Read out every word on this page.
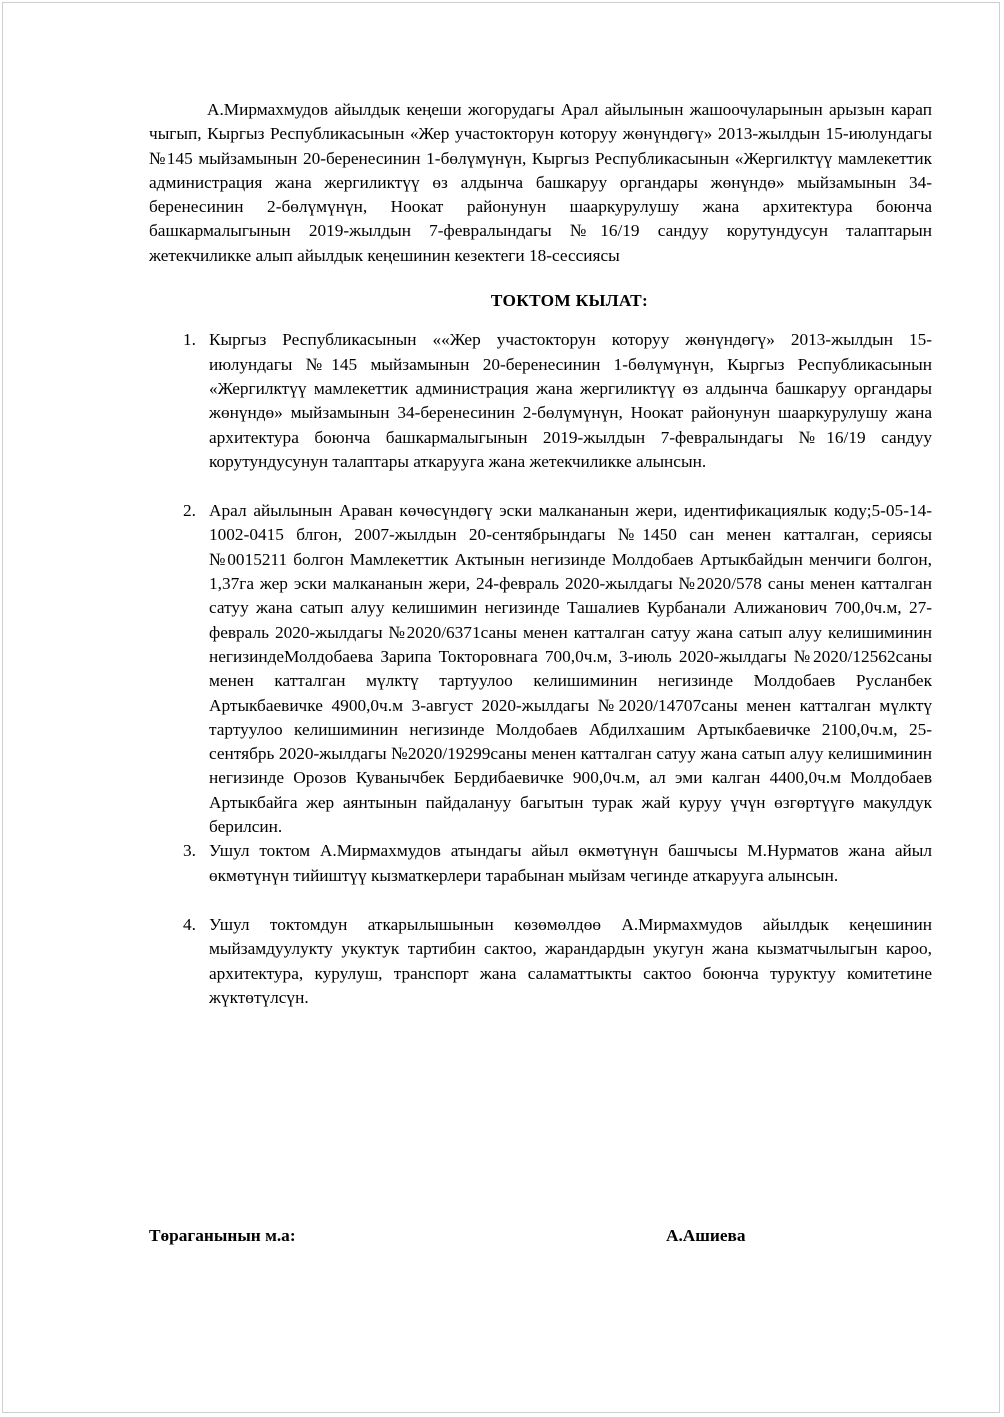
А.Мирмахмудов айылдык кеңеши жогорудагы Арал айылынын жашоочуларынын арызын карап чыгып, Кыргыз Республикасынын «Жер участокторун которуу жөнүндөгү» 2013-жылдын 15-июлундагы №145 мыйзамынын 20-беренесинин 1-бөлүмүнүн, Кыргыз Республикасынын «Жергилктүү мамлекеттик администрация жана жергиликтүү өз алдынча башкаруу органдары жөнүндө» мыйзамынын 34-беренесинин 2-бөлүмүнүн, Ноокат районунун шааркурулушу жана архитектура боюнча башкармалыгынын 2019-жылдын 7-февралындагы №16/19 сандуу корутундусун талаптарын жетекчиликке алып айылдык кеңешинин кезектеги 18-сессиясы

ТОКТОМ КЫЛАТ:

1. Кыргыз Республикасынын ««Жер участокторун которуу жөнүндөгү» 2013-жылдын 15-июлундагы №145 мыйзамынын 20-беренесинин 1-бөлүмүнүн, Кыргыз Республикасынын «Жергилктүү мамлекеттик администрация жана жергиликтүү өз алдынча башкаруу органдары жөнүндө» мыйзамынын 34-беренесинин 2-бөлүмүнүн, Ноокат районунун шааркурулушу жана архитектура боюнча башкармалыгынын 2019-жылдын 7-февралындагы №16/19 сандуу корутундусунун талаптары аткарууга жана жетекчиликке алынсын.
2. Арал айылынын Араван көчөсүндөгү эски малкананын жери, идентификациялык коду;5-05-14-1002-0415 блгон, 2007-жылдын 20-сентябрындагы №1450 сан менен катталган, сериясы №0015211 болгон Мамлекеттик Актынын негизинде Молдобаев Артыкбайдын менчиги болгон, 1,37га жер эски малкананын жери, 24-февраль 2020-жылдагы №2020/578 саны менен катталган сатуу жана сатып алуу келишимин негизинде Ташалиев Курбанали Алижанович 700,0ч.м, 27-февраль 2020-жылдагы №2020/6371саны менен катталган сатуу жана сатып алуу келишиминин негизиндеМолдобаева Зарипа Токторовнага 700,0ч.м, 3-июль 2020-жылдагы №2020/12562саны менен катталган мүлктү тартуулоо келишиминин негизинде Молдобаев Русланбек Артыкбаевичке 4900,0ч.м 3-август 2020-жылдагы №2020/14707саны менен катталган мүлктү тартуулоо келишиминин негизинде Молдобаев Абдилхашим Артыкбаевичке 2100,0ч.м, 25-сентябрь 2020-жылдагы №2020/19299саны менен катталган сатуу жана сатып алуу келишиминин негизинде Орозов Куванычбек Бердибаевичке 900,0ч.м, ал эми калган 4400,0ч.м Молдобаев Артыкбайга жер аянтынын пайдалануу багытын турак жай куруу үчүн өзгөртүүгө макулдук берилсин.
3. Ушул токтом А.Мирмахмудов атындагы айыл өкмөтүнүн башчысы М.Нурматов жана айыл өкмөтүнүн тийиштүү кызматкерлери тарабынан мыйзам чегинде аткарууга алынсын.
4. Ушул токтомдун аткарылышынын көзөмөлдөө А.Мирмахмудов айылдык кеңешинин мыйзамдуулукту укуктук тартибин сактоо, жарандардын укугун жана кызматчылыгын кароо, архитектура, курулуш, транспорт жана саламаттыкты сактоо боюнча туруктуу комитетине жүктөтүлсүн.
Төраганынын м.а:	А.Ашиева
